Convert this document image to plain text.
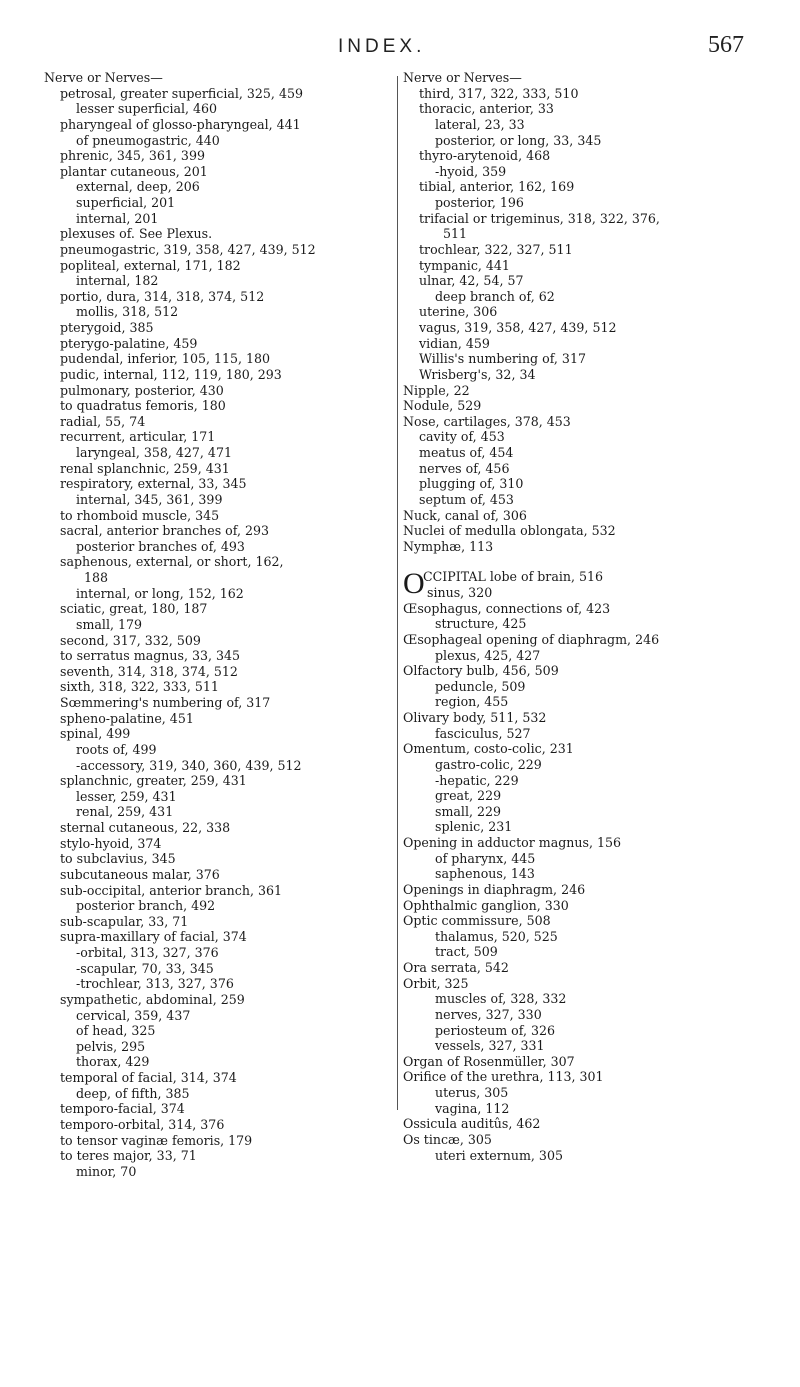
INDEX.	567
Nerve or Nerves—
petrosal, greater superficial, 325, 459
lesser superficial, 460
pharyngeal of glosso-pharyngeal, 441
of pneumogastric, 440
phrenic, 345, 361, 399
plantar cutaneous, 201
external, deep, 206
superficial, 201
internal, 201
plexuses of. See Plexus.
pneumogastric, 319, 358, 427, 439, 512
popliteal, external, 171, 182
internal, 182
portio, dura, 314, 318, 374, 512
mollis, 318, 512
pterygoid, 385
pterygo-palatine, 459
pudendal, inferior, 105, 115, 180
pudic, internal, 112, 119, 180, 293
pulmonary, posterior, 430
to quadratus femoris, 180
radial, 55, 74
recurrent, articular, 171
laryngeal, 358, 427, 471
renal splanchnic, 259, 431
respiratory, external, 33, 345
internal, 345, 361, 399
to rhomboid muscle, 345
sacral, anterior branches of, 293
posterior branches of, 493
saphenous, external, or short, 162,
188
internal, or long, 152, 162
sciatic, great, 180, 187
small, 179
second, 317, 332, 509
to serratus magnus, 33, 345
seventh, 314, 318, 374, 512
sixth, 318, 322, 333, 511
Sœmmering's numbering of, 317
spheno-palatine, 451
spinal, 499
roots of, 499
-accessory, 319, 340, 360, 439, 512
splanchnic, greater, 259, 431
lesser, 259, 431
renal, 259, 431
sternal cutaneous, 22, 338
stylo-hyoid, 374
to subclavius, 345
subcutaneous malar, 376
sub-occipital, anterior branch, 361
posterior branch, 492
sub-scapular, 33, 71
supra-maxillary of facial, 374
-orbital, 313, 327, 376
-scapular, 70, 33, 345
-trochlear, 313, 327, 376
sympathetic, abdominal, 259
cervical, 359, 437
of head, 325
pelvis, 295
thorax, 429
temporal of facial, 314, 374
deep, of fifth, 385
temporo-facial, 374
temporo-orbital, 314, 376
to tensor vaginæ femoris, 179
to teres major, 33, 71
minor, 70
Nerve or Nerves—
third, 317, 322, 333, 510
thoracic, anterior, 33
lateral, 23, 33
posterior, or long, 33, 345
thyro-arytenoid, 468
-hyoid, 359
tibial, anterior, 162, 169
posterior, 196
trifacial or trigeminus, 318, 322, 376,
511
trochlear, 322, 327, 511
tympanic, 441
ulnar, 42, 54, 57
deep branch of, 62
uterine, 306
vagus, 319, 358, 427, 439, 512
vidian, 459
Willis's numbering of, 317
Wrisberg's, 32, 34
Nipple, 22
Nodule, 529
Nose, cartilages, 378, 453
cavity of, 453
meatus of, 454
nerves of, 456
plugging of, 310
septum of, 453
Nuck, canal of, 306
Nuclei of medulla oblongata, 532
Nymphæ, 113
O
CCIPITAL lobe of brain, 516
sinus, 320
Œsophagus, connections of, 423
structure, 425
Œsophageal opening of diaphragm, 246
plexus, 425, 427
Olfactory bulb, 456, 509
peduncle, 509
region, 455
Olivary body, 511, 532
fasciculus, 527
Omentum, costo-colic, 231
gastro-colic, 229
-hepatic, 229
great, 229
small, 229
splenic, 231
Opening in adductor magnus, 156
of pharynx, 445
saphenous, 143
Openings in diaphragm, 246
Ophthalmic ganglion, 330
Optic commissure, 508
thalamus, 520, 525
tract, 509
Ora serrata, 542
Orbit, 325
muscles of, 328, 332
nerves, 327, 330
periosteum of, 326
vessels, 327, 331
Organ of Rosenmüller, 307
Orifice of the urethra, 113, 301
uterus, 305
vagina, 112
Ossicula auditûs, 462
Os tincæ, 305
uteri externum, 305
